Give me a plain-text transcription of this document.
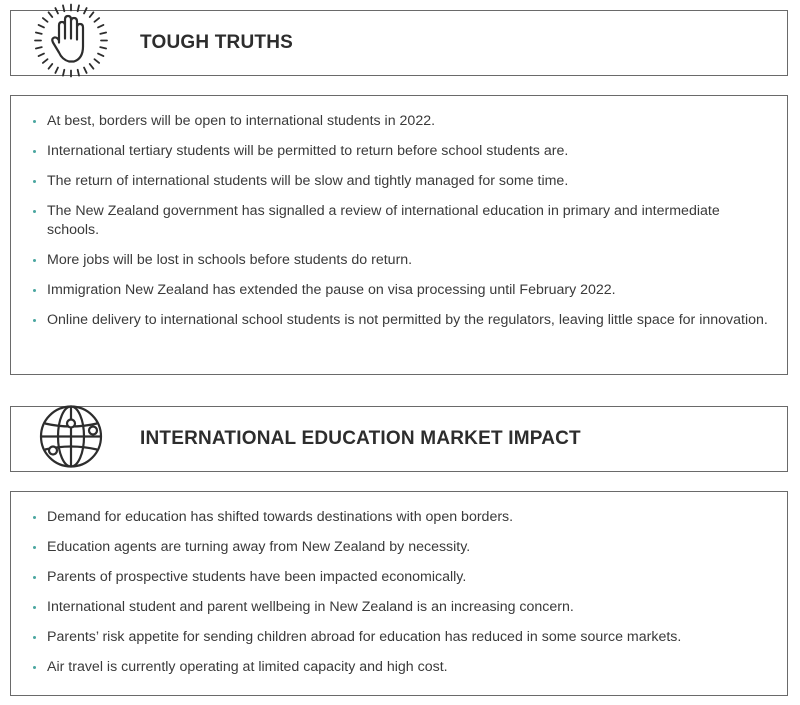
TOUGH TRUTHS
At best, borders will be open to international students in 2022.
International tertiary students will be permitted to return before school students are.
The return of international students will be slow and tightly managed for some time.
The New Zealand government has signalled a review of international education in primary and intermediate schools.
More jobs will be lost in schools before students do return.
Immigration New Zealand has extended the pause on visa processing until February 2022.
Online delivery to international school students is not permitted by the regulators, leaving little space for innovation.
INTERNATIONAL EDUCATION MARKET IMPACT
Demand for education has shifted towards destinations with open borders.
Education agents are turning away from New Zealand by necessity.
Parents of prospective students have been impacted economically.
International student and parent wellbeing in New Zealand is an increasing concern.
Parents’ risk appetite for sending children abroad for education has reduced in some source markets.
Air travel is currently operating at limited capacity and high cost.
